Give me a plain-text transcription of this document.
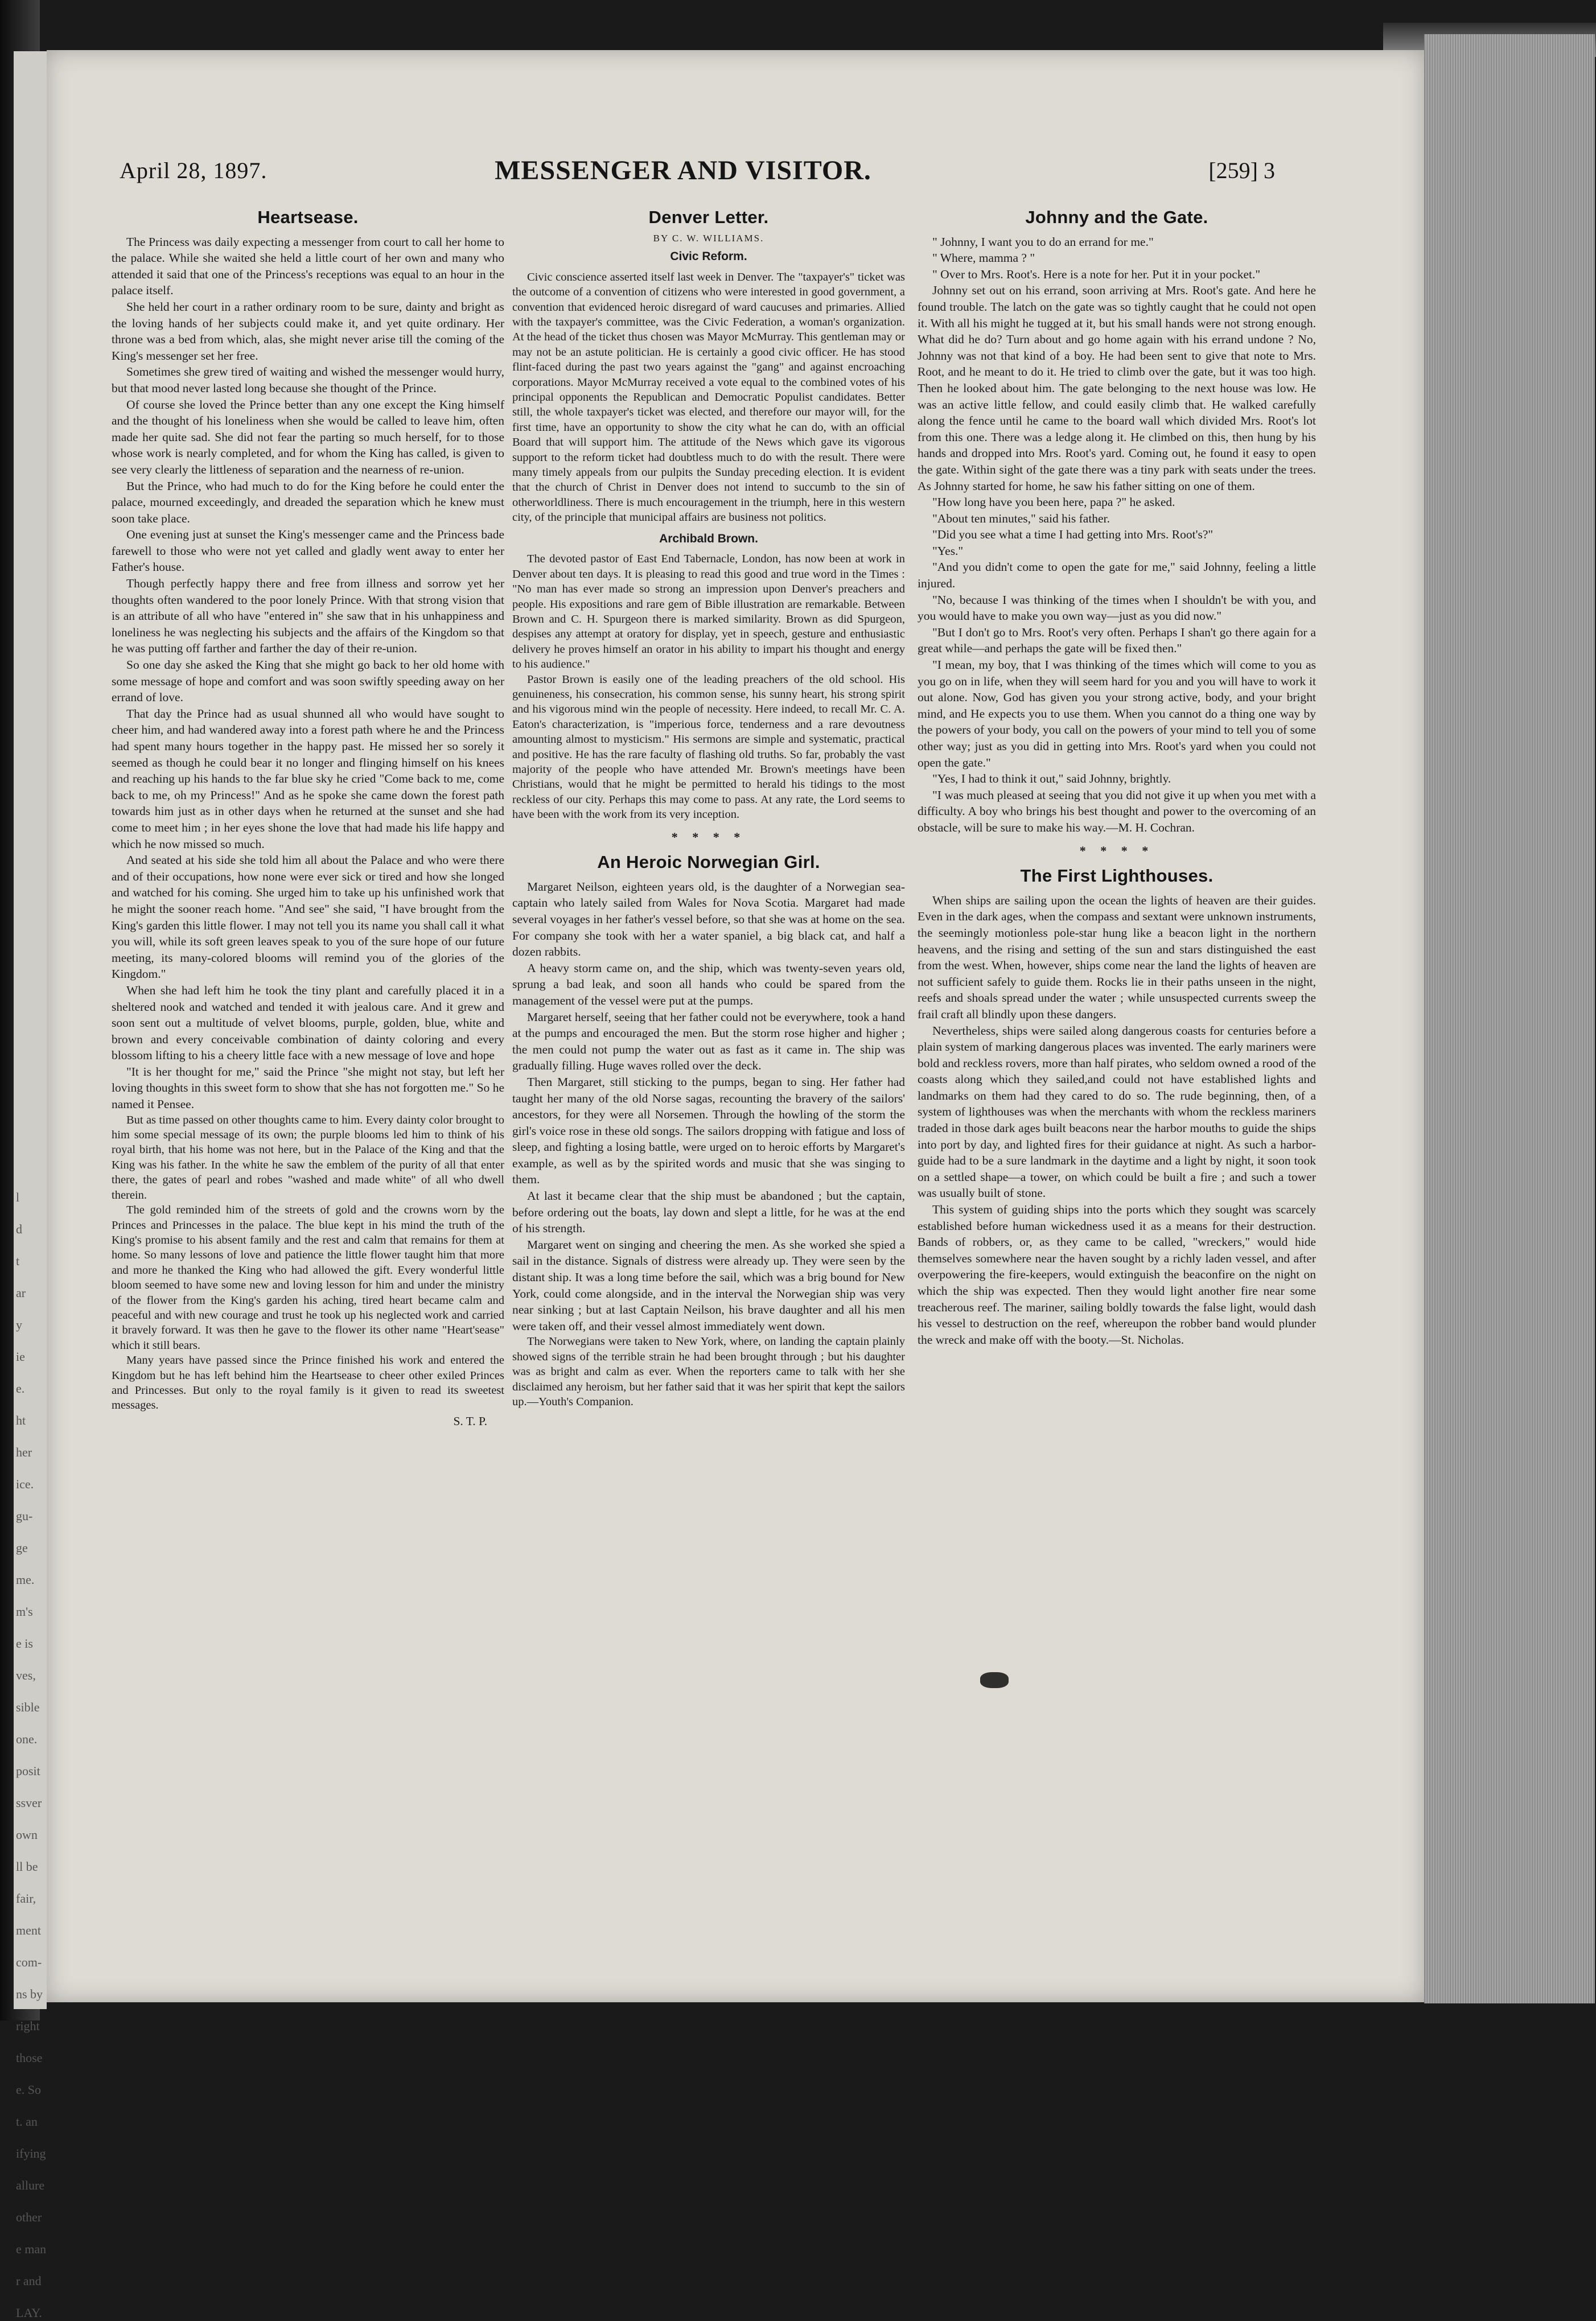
l
d
t
ar
y
ie
e.
ht
her
ice.
gu-
ge
me.
m's
e is
ves,
sible
one.
posit
ssver
own
ll be
fair,
ment
com-
ns by
right
those
e. So
t. an
ifying
allure
other
e man
r and
LAY.
April 28, 1897.	MESSENGER AND VISITOR.	[259] 3
Heartsease.

The Princess was daily expecting a messenger from court to call her home to the palace. While she waited she held a little court of her own and many who attended it said that one of the Princess's receptions was equal to an hour in the palace itself.

She held her court in a rather ordinary room to be sure, dainty and bright as the loving hands of her subjects could make it, and yet quite ordinary. Her throne was a bed from which, alas, she might never arise till the coming of the King's messenger set her free.

Sometimes she grew tired of waiting and wished the messenger would hurry, but that mood never lasted long because she thought of the Prince.

Of course she loved the Prince better than any one except the King himself and the thought of his loneliness when she would be called to leave him, often made her quite sad. She did not fear the parting so much herself, for to those whose work is nearly completed, and for whom the King has called, is given to see very clearly the littleness of separation and the nearness of re-union.

But the Prince, who had much to do for the King before he could enter the palace, mourned exceedingly, and dreaded the separation which he knew must soon take place.

One evening just at sunset the King's messenger came and the Princess bade farewell to those who were not yet called and gladly went away to enter her Father's house.

Though perfectly happy there and free from illness and sorrow yet her thoughts often wandered to the poor lonely Prince. With that strong vision that is an attribute of all who have "entered in" she saw that in his unhappiness and loneliness he was neglecting his subjects and the affairs of the Kingdom so that he was putting off farther and farther the day of their re-union.

So one day she asked the King that she might go back to her old home with some message of hope and comfort and was soon swiftly speeding away on her errand of love.

That day the Prince had as usual shunned all who would have sought to cheer him, and had wandered away into a forest path where he and the Princess had spent many hours together in the happy past. He missed her so sorely it seemed as though he could bear it no longer and flinging himself on his knees and reaching up his hands to the far blue sky he cried "Come back to me, come back to me, oh my Princess!" And as he spoke she came down the forest path towards him just as in other days when he returned at the sunset and she had come to meet him ; in her eyes shone the love that had made his life happy and which he now missed so much.

And seated at his side she told him all about the Palace and who were there and of their occupations, how none were ever sick or tired and how she longed and watched for his coming. She urged him to take up his unfinished work that he might the sooner reach home. "And see" she said, "I have brought from the King's garden this little flower. I may not tell you its name you shall call it what you will, while its soft green leaves speak to you of the sure hope of our future meeting, its many-colored blooms will remind you of the glories of the Kingdom."

When she had left him he took the tiny plant and carefully placed it in a sheltered nook and watched and tended it with jealous care. And it grew and soon sent out a multitude of velvet blooms, purple, golden, blue, white and brown and every conceivable combination of dainty coloring and every blossom lifting to his a cheery little face with a new message of love and hope

"It is her thought for me," said the Prince "she might not stay, but left her loving thoughts in this sweet form to show that she has not forgotten me." So he named it Pensee.

But as time passed on other thoughts came to him. Every dainty color brought to him some special message of its own; the purple blooms led him to think of his royal birth, that his home was not here, but in the Palace of the King and that the King was his father. In the white he saw the emblem of the purity of all that enter there, the gates of pearl and robes "washed and made white" of all who dwell therein.

The gold reminded him of the streets of gold and the crowns worn by the Princes and Princesses in the palace. The blue kept in his mind the truth of the King's promise to his absent family and the rest and calm that remains for them at home. So many lessons of love and patience the little flower taught him that more and more he thanked the King who had allowed the gift. Every wonderful little bloom seemed to have some new and loving lesson for him and under the ministry of the flower from the King's garden his aching, tired heart became calm and peaceful and with new courage and trust he took up his neglected work and carried it bravely forward. It was then he gave to the flower its other name "Heart'sease" which it still bears.

Many years have passed since the Prince finished his work and entered the Kingdom but he has left behind him the Heartsease to cheer other exiled Princes and Princesses. But only to the royal family is it given to read its sweetest messages.

S. T. P.
Denver Letter.
BY C. W. WILLIAMS.
Civic Reform.

Civic conscience asserted itself last week in Denver. The "taxpayer's" ticket was the outcome of a convention of citizens who were interested in good government, a convention that evidenced heroic disregard of ward caucuses and primaries. Allied with the taxpayer's committee, was the Civic Federation, a woman's organization. At the head of the ticket thus chosen was Mayor McMurray. This gentleman may or may not be an astute politician. He is certainly a good civic officer. He has stood flint-faced during the past two years against the "gang" and against encroaching corporations. Mayor McMurray received a vote equal to the combined votes of his principal opponents the Republican and Democratic Populist candidates. Better still, the whole taxpayer's ticket was elected, and therefore our mayor will, for the first time, have an opportunity to show the city what he can do, with an official Board that will support him. The attitude of the News which gave its vigorous support to the reform ticket had doubtless much to do with the result. There were many timely appeals from our pulpits the Sunday preceding election. It is evident that the church of Christ in Denver does not intend to succumb to the sin of otherworldliness. There is much encouragement in the triumph, here in this western city, of the principle that municipal affairs are business not politics.

Archibald Brown.

The devoted pastor of East End Tabernacle, London, has now been at work in Denver about ten days. It is pleasing to read this good and true word in the Times : "No man has ever made so strong an impression upon Denver's preachers and people. His expositions and rare gem of Bible illustration are remarkable. Between Brown and C. H. Spurgeon there is marked similarity. Brown as did Spurgeon, despises any attempt at oratory for display, yet in speech, gesture and enthusiastic delivery he proves himself an orator in his ability to impart his thought and energy to his audience."

Pastor Brown is easily one of the leading preachers of the old school. His genuineness, his consecration, his common sense, his sunny heart, his strong spirit and his vigorous mind win the people of necessity. Here indeed, to recall Mr. C. A. Eaton's characterization, is "imperious force, tenderness and a rare devoutness amounting almost to mysticism." His sermons are simple and systematic, practical and positive. He has the rare faculty of flashing old truths. So far, probably the vast majority of the people who have attended Mr. Brown's meetings have been Christians, would that he might be permitted to herald his tidings to the most reckless of our city. Perhaps this may come to pass. At any rate, the Lord seems to have been with the work from its very inception.

* * * *
An Heroic Norwegian Girl.

Margaret Neilson, eighteen years old, is the daughter of a Norwegian sea-captain who lately sailed from Wales for Nova Scotia. Margaret had made several voyages in her father's vessel before, so that she was at home on the sea. For company she took with her a water spaniel, a big black cat, and half a dozen rabbits.

A heavy storm came on, and the ship, which was twenty-seven years old, sprung a bad leak, and soon all hands who could be spared from the management of the vessel were put at the pumps.

Margaret herself, seeing that her father could not be everywhere, took a hand at the pumps and encouraged the men. But the storm rose higher and higher ; the men could not pump the water out as fast as it came in. The ship was gradually filling. Huge waves rolled over the deck.

Then Margaret, still sticking to the pumps, began to sing. Her father had taught her many of the old Norse sagas, recounting the bravery of the sailors' ancestors, for they were all Norsemen. Through the howling of the storm the girl's voice rose in these old songs. The sailors dropping with fatigue and loss of sleep, and fighting a losing battle, were urged on to heroic efforts by Margaret's example, as well as by the spirited words and music that she was singing to them.

At last it became clear that the ship must be abandoned ; but the captain, before ordering out the boats, lay down and slept a little, for he was at the end of his strength.

Margaret went on singing and cheering the men. As she worked she spied a sail in the distance. Signals of distress were already up. They were seen by the distant ship. It was a long time before the sail, which was a brig bound for New York, could come alongside, and in the interval the Norwegian ship was very near sinking ; but at last Captain Neilson, his brave daughter and all his men were taken off, and their vessel almost immediately went down.

The Norwegians were taken to New York, where, on landing the captain plainly showed signs of the terrible strain he had been brought through ; but his daughter was as bright and calm as ever. When the reporters came to talk with her she disclaimed any heroism, but her father said that it was her spirit that kept the sailors up.—Youth's Companion.

Johnny and the Gate.

" Johnny, I want you to do an errand for me."

" Where, mamma ? "

" Over to Mrs. Root's. Here is a note for her. Put it in your pocket."

Johnny set out on his errand, soon arriving at Mrs. Root's gate. And here he found trouble. The latch on the gate was so tightly caught that he could not open it. With all his might he tugged at it, but his small hands were not strong enough. What did he do? Turn about and go home again with his errand undone ? No, Johnny was not that kind of a boy. He had been sent to give that note to Mrs. Root, and he meant to do it. He tried to climb over the gate, but it was too high. Then he looked about him. The gate belonging to the next house was low. He was an active little fellow, and could easily climb that. He walked carefully along the fence until he came to the board wall which divided Mrs. Root's lot from this one. There was a ledge along it. He climbed on this, then hung by his hands and dropped into Mrs. Root's yard. Coming out, he found it easy to open the gate. Within sight of the gate there was a tiny park with seats under the trees. As Johnny started for home, he saw his father sitting on one of them.

"How long have you been here, papa ?" he asked.

"About ten minutes," said his father.

"Did you see what a time I had getting into Mrs. Root's?"

"Yes."

"And you didn't come to open the gate for me," said Johnny, feeling a little injured.

"No, because I was thinking of the times when I shouldn't be with you, and you would have to make you own way—just as you did now."

"But I don't go to Mrs. Root's very often. Perhaps I shan't go there again for a great while—and perhaps the gate will be fixed then."

"I mean, my boy, that I was thinking of the times which will come to you as you go on in life, when they will seem hard for you and you will have to work it out alone. Now, God has given you your strong active, body, and your bright mind, and He expects you to use them. When you cannot do a thing one way by the powers of your body, you call on the powers of your mind to tell you of some other way; just as you did in getting into Mrs. Root's yard when you could not open the gate."

"Yes, I had to think it out," said Johnny, brightly.

"I was much pleased at seeing that you did not give it up when you met with a difficulty. A boy who brings his best thought and power to the overcoming of an obstacle, will be sure to make his way.—M. H. Cochran.

* * * *
The First Lighthouses.

When ships are sailing upon the ocean the lights of heaven are their guides. Even in the dark ages, when the compass and sextant were unknown instruments, the seemingly motionless pole-star hung like a beacon light in the northern heavens, and the rising and setting of the sun and stars distinguished the east from the west. When, however, ships come near the land the lights of heaven are not sufficient safely to guide them. Rocks lie in their paths unseen in the night, reefs and shoals spread under the water ; while unsuspected currents sweep the frail craft all blindly upon these dangers.

Nevertheless, ships were sailed along dangerous coasts for centuries before a plain system of marking dangerous places was invented. The early mariners were bold and reckless rovers, more than half pirates, who seldom owned a rood of the coasts along which they sailed,and could not have established lights and landmarks on them had they cared to do so. The rude beginning, then, of a system of lighthouses was when the merchants with whom the reckless mariners traded in those dark ages built beacons near the harbor mouths to guide the ships into port by day, and lighted fires for their guidance at night. As such a harbor-guide had to be a sure landmark in the daytime and a light by night, it soon took on a settled shape—a tower, on which could be built a fire ; and such a tower was usually built of stone.

This system of guiding ships into the ports which they sought was scarcely established before human wickedness used it as a means for their destruction. Bands of robbers, or, as they came to be called, "wreckers," would hide themselves somewhere near the haven sought by a richly laden vessel, and after overpowering the fire-keepers, would extinguish the beaconfire on the night on which the ship was expected. Then they would light another fire near some treacherous reef. The mariner, sailing boldly towards the false light, would dash his vessel to destruction on the reef, whereupon the robber band would plunder the wreck and make off with the booty.—St. Nicholas.
